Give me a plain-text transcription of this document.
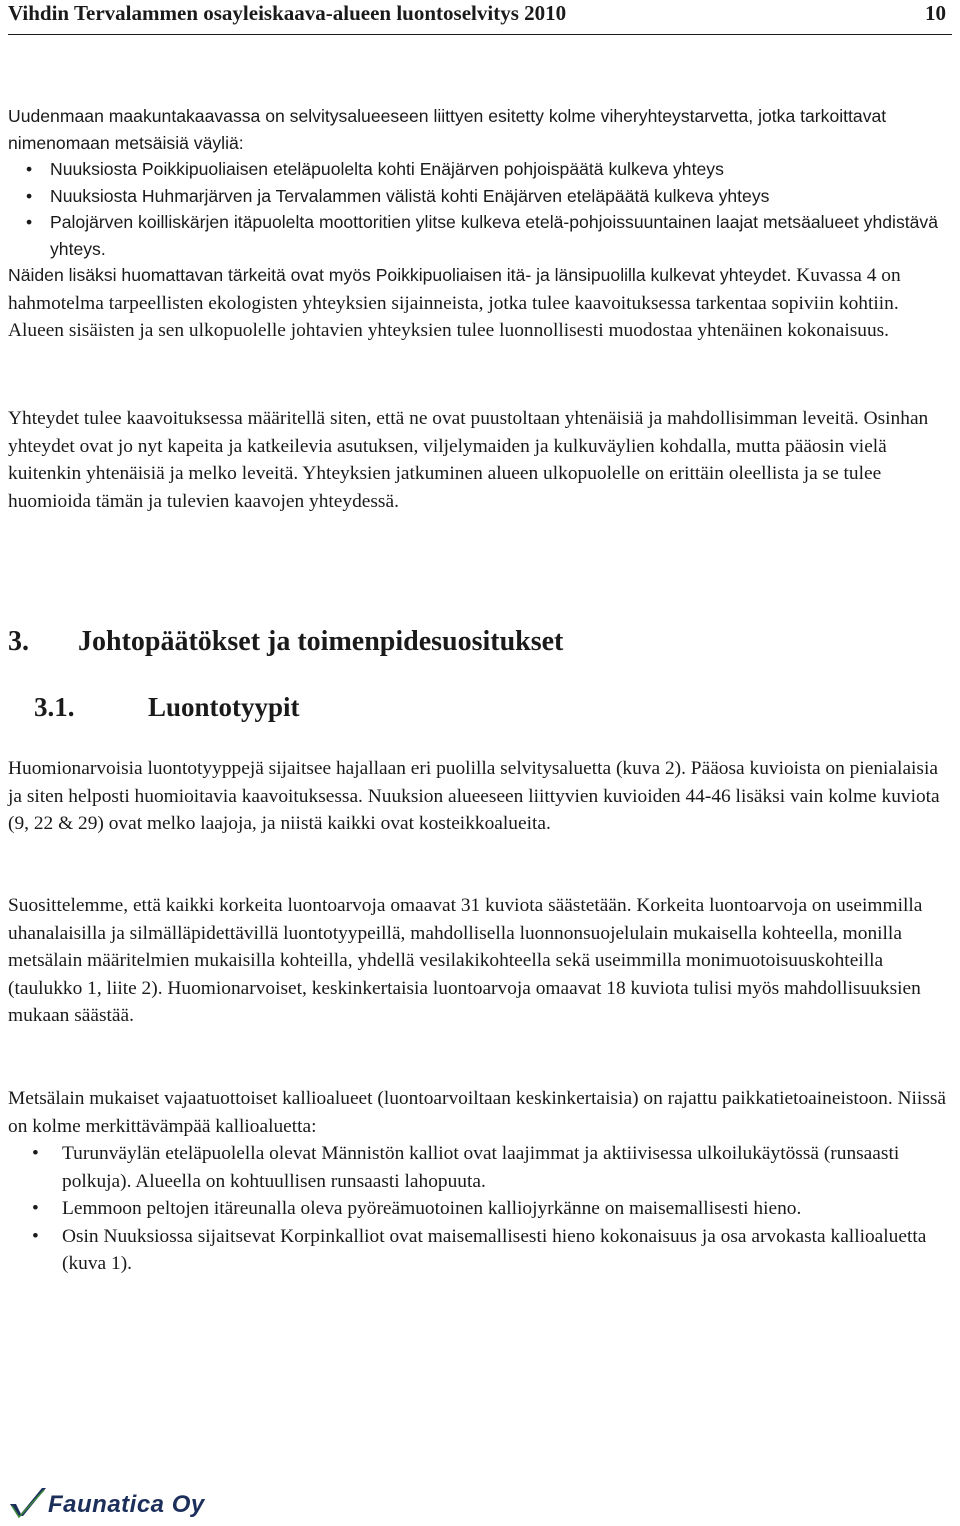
Vihdin Tervalammen osayleiskaava-alueen luontoselvitys 2010	10

Uudenmaan maakuntakaavassa on selvitysalueeseen liittyen esitetty kolme viheryhteystarvetta, jotka tarkoittavat nimenomaan metsäisiä väyliä:

• Nuuksiosta Poikkipuoliaisen eteläpuolelta kohti Enäjärven pohjoispäätä kulkeva yhteys
• Nuuksiosta Huhmarjärven ja Tervalammen välistä kohti Enäjärven eteläpäätä kulkeva yhteys
• Palojärven koilliskärjen itäpuolelta moottoritien ylitse kulkeva etelä-pohjoissuuntainen laajat metsäalueet yhdistävä yhteys.

Näiden lisäksi huomattavan tärkeitä ovat myös Poikkipuoliaisen itä- ja länsipuolilla kulkevat yhteydet. Kuvassa 4 on hahmotelma tarpeellisten ekologisten yhteyksien sijainneista, jotka tulee kaavoituksessa tarkentaa sopiviin kohtiin. Alueen sisäisten ja sen ulkopuolelle johtavien yhteyksien tulee luonnollisesti muodostaa yhtenäinen kokonaisuus.

Yhteydet tulee kaavoituksessa määritellä siten, että ne ovat puustoltaan yhtenäisiä ja mahdollisimman leveitä. Osinhan yhteydet ovat jo nyt kapeita ja katkeilevia asutuksen, viljelymaiden ja kulkuväylien kohdalla, mutta pääosin vielä kuitenkin yhtenäisiä ja melko leveitä. Yhteyksien jatkuminen alueen ulkopuolelle on erittäin oleellista ja se tulee huomioida tämän ja tulevien kaavojen yhteydessä.

3. Johtopäätökset ja toimenpidesuositukset
3.1.	Luontotyypit

Huomionarvoisia luontotyyppejä sijaitsee hajallaan eri puolilla selvitysaluetta (kuva 2). Pääosa kuvioista on pienialaisia ja siten helposti huomioitavia kaavoituksessa. Nuuksion alueeseen liittyvien kuvioiden 44-46 lisäksi vain kolme kuviota (9, 22 & 29) ovat melko laajoja, ja niistä kaikki ovat kosteikkoalueita.

Suosittelemme, että kaikki korkeita luontoarvoja omaavat 31 kuviota säästetään. Korkeita luontoarvoja on useimmilla uhanalaisilla ja silmälläpidettävillä luontotyypeillä, mahdollisella luonnonsuojelulain mukaisella kohteella, monilla metsälain määritelmien mukaisilla kohteilla, yhdellä vesilakikohteella sekä useimmilla monimuotoisuuskohteilla (taulukko 1, liite 2). Huomionarvoiset, keskinkertaisia luontoarvoja omaavat 18 kuviota tulisi myös mahdollisuuksien mukaan säästää.

Metsälain mukaiset vajaatuottoiset kallioalueet (luontoarvoiltaan keskinkertaisia) on rajattu paikkatietoaineistoon. Niissä on kolme merkittävämpää kallioaluetta:

• Turunväylän eteläpuolella olevat Männistön kalliot ovat laajimmat ja aktiivisessa ulkoilukäytössä (runsaasti polkuja). Alueella on kohtuullisen runsaasti lahopuuta.
• Lemmoon peltojen itäreunalla oleva pyöreämuotoinen kalliojyrkänne on maisemallisesti hieno.
• Osin Nuuksiossa sijaitsevat Korpinkalliot ovat maisemallisesti hieno kokonaisuus ja osa arvokasta kallioaluetta (kuva 1).
Faunatica Oy
